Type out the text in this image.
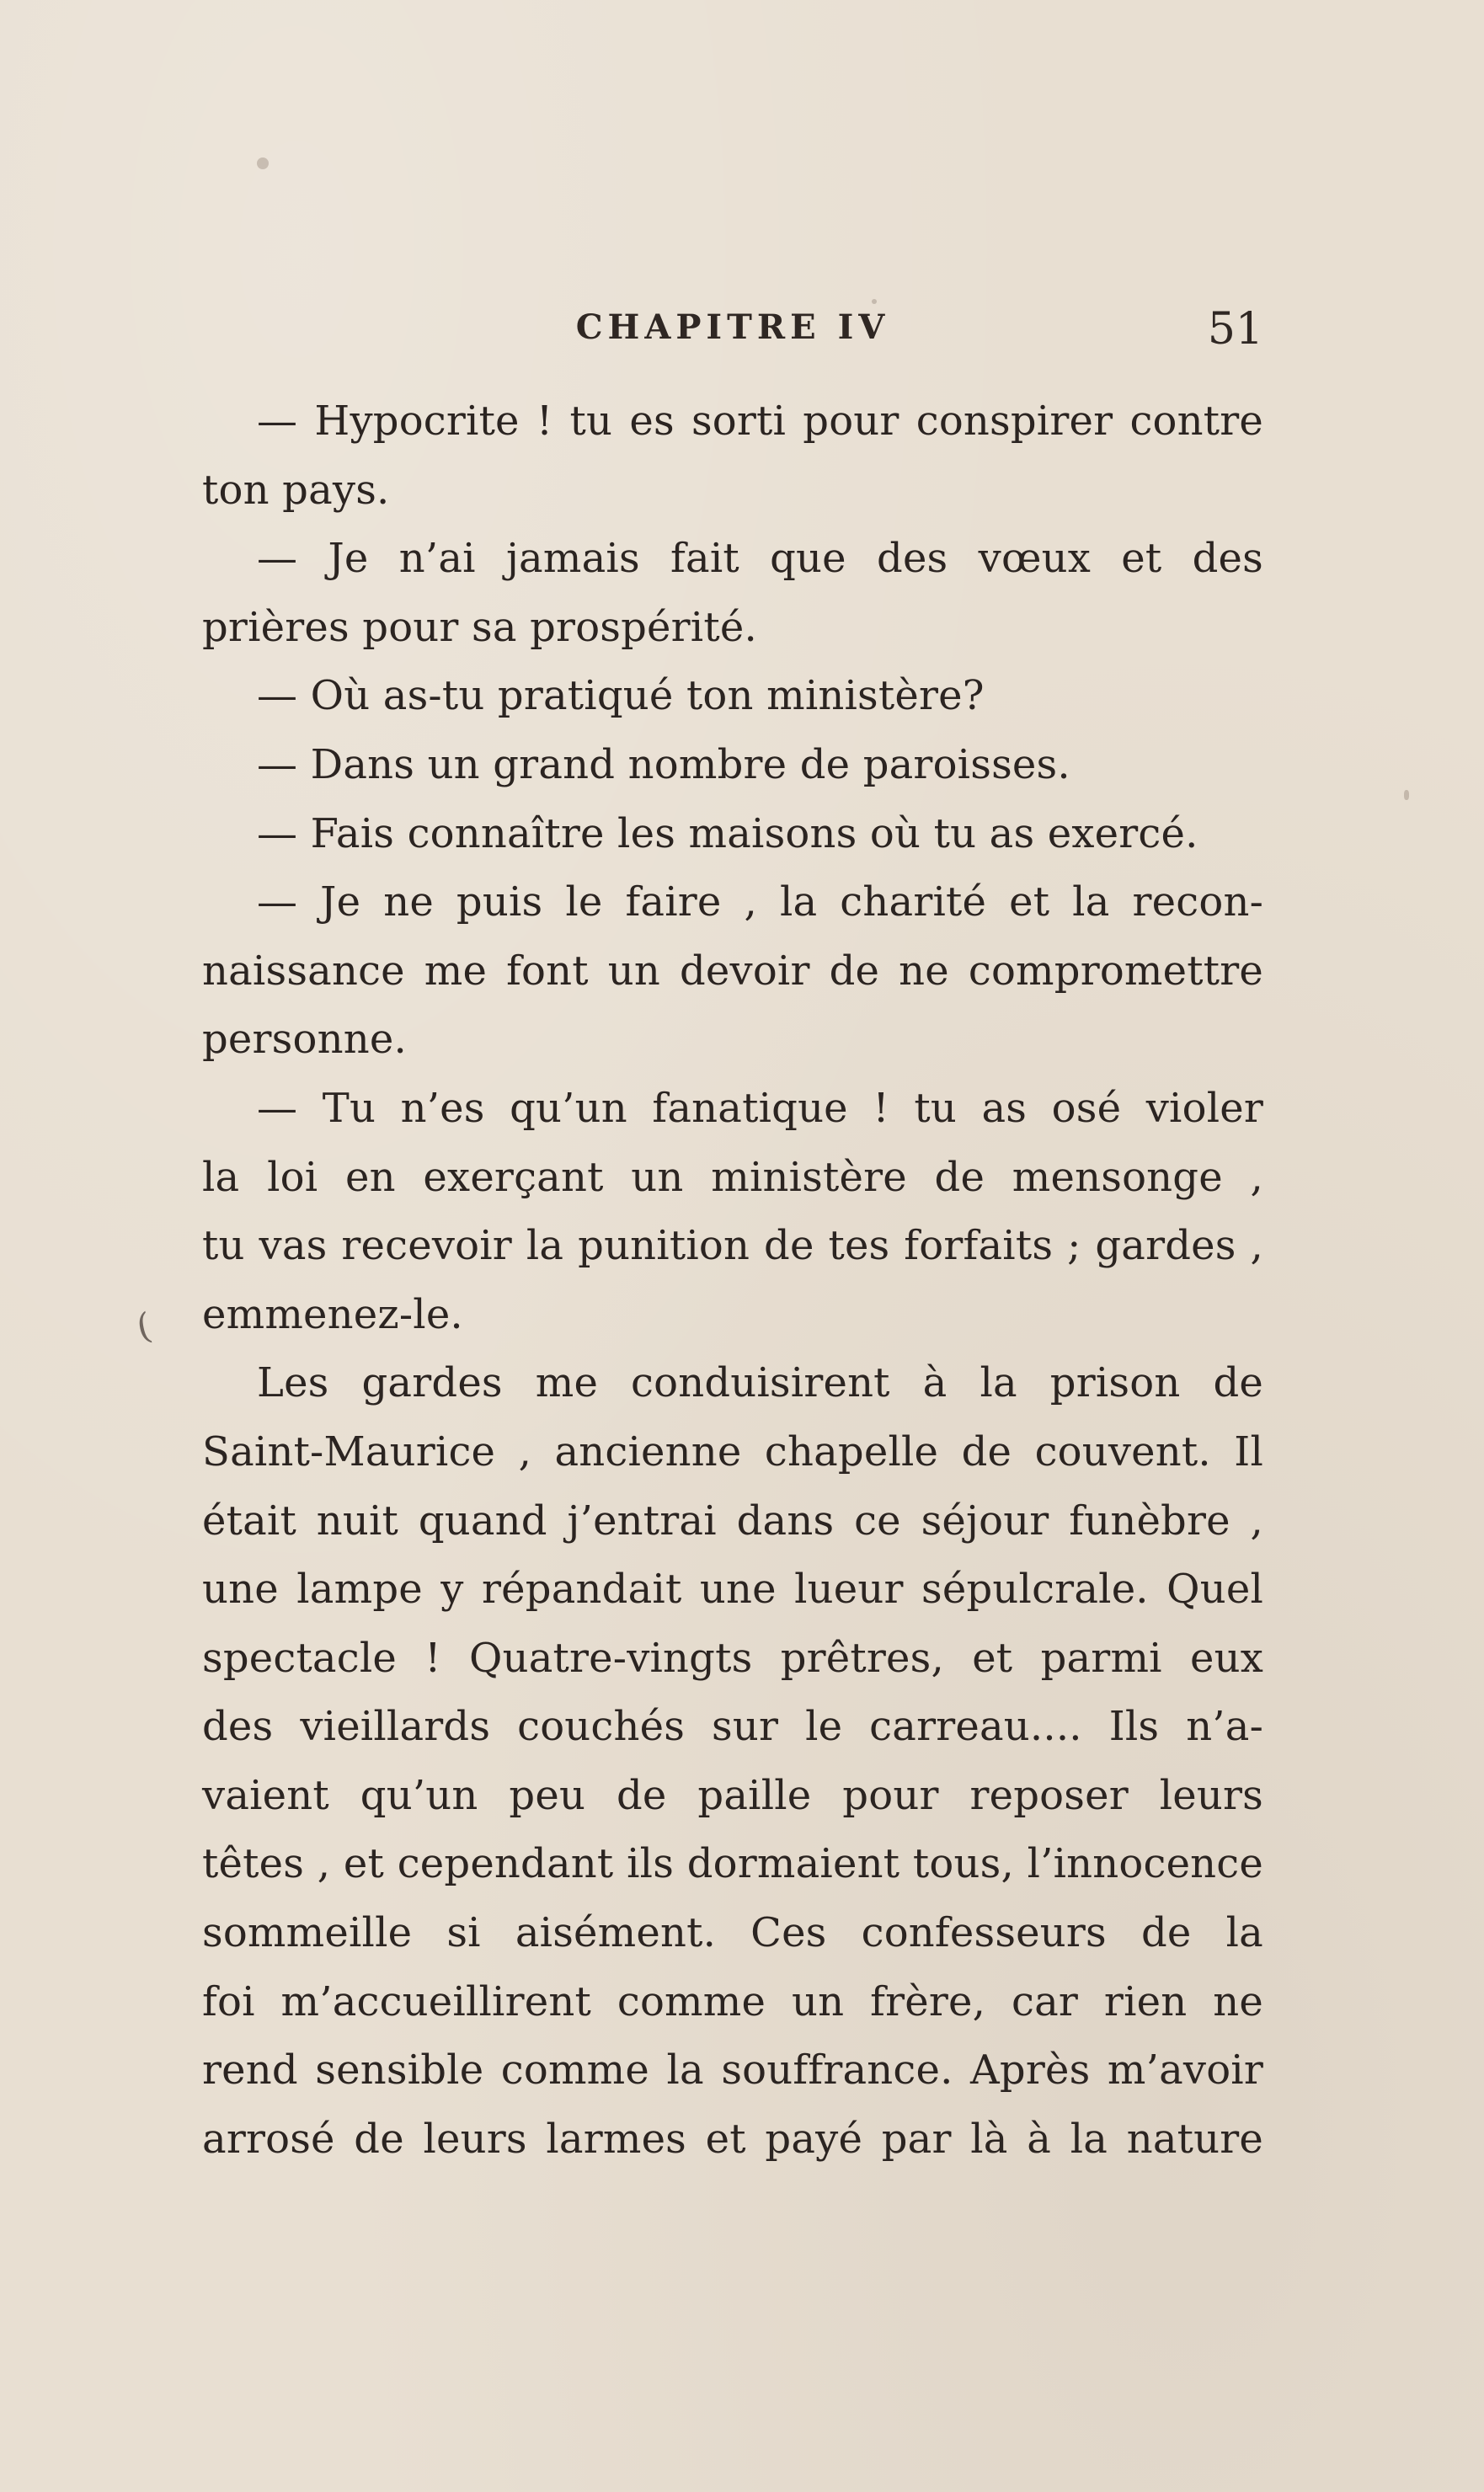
CHAPITRE IV	51
(
— Hypocrite ! tu es sorti pour conspirer contre
ton pays.
— Je n’ai jamais fait que des vœux et des
prières pour sa prospérité.
— Où as-tu pratiqué ton ministère?
— Dans un grand nombre de paroisses.
— Fais connaître les maisons où tu as exercé.
— Je ne puis le faire , la charité et la recon-
naissance me font un devoir de ne compromettre
personne.
— Tu n’es qu’un fanatique ! tu as osé violer
la loi en exerçant un ministère de mensonge ,
tu vas recevoir la punition de tes forfaits ; gardes ,
emmenez-le.
Les gardes me conduisirent à la prison de
Saint-Maurice , ancienne chapelle de couvent. Il
était nuit quand j’entrai dans ce séjour funèbre ,
une lampe y répandait une lueur sépulcrale. Quel
spectacle ! Quatre-vingts prêtres, et parmi eux
des vieillards couchés sur le carreau.... Ils n’a-
vaient qu’un peu de paille pour reposer leurs
têtes , et cependant ils dormaient tous, l’innocence
sommeille si aisément. Ces confesseurs de la
foi m’accueillirent comme un frère, car rien ne
rend sensible comme la souffrance. Après m’avoir
arrosé de leurs larmes et payé par là à la nature
